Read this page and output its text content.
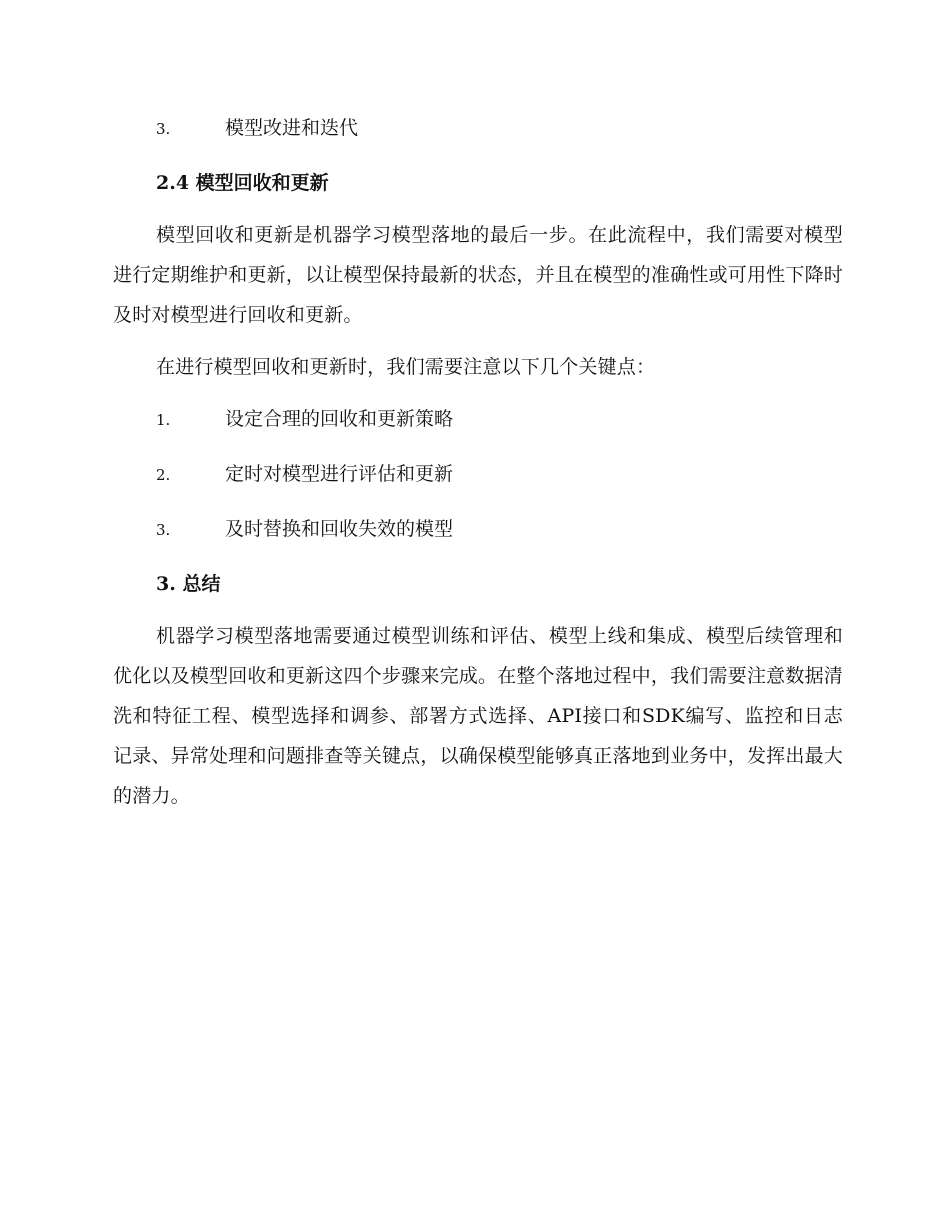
3.	模型改进和迭代
2.4 模型回收和更新

模型回收和更新是机器学习模型落地的最后一步。在此流程中，我们需要对模型进行定期维护和更新，以让模型保持最新的状态，并且在模型的准确性或可用性下降时及时对模型进行回收和更新。

在进行模型回收和更新时，我们需要注意以下几个关键点：

1.	设定合理的回收和更新策略
2.	定时对模型进行评估和更新
3.	及时替换和回收失效的模型
3. 总结

机器学习模型落地需要通过模型训练和评估、模型上线和集成、模型后续管理和优化以及模型回收和更新这四个步骤来完成。在整个落地过程中，我们需要注意数据清洗和特征工程、模型选择和调参、部署方式选择、API接口和SDK编写、监控和日志记录、异常处理和问题排查等关键点，以确保模型能够真正落地到业务中，发挥出最大的潜力。
